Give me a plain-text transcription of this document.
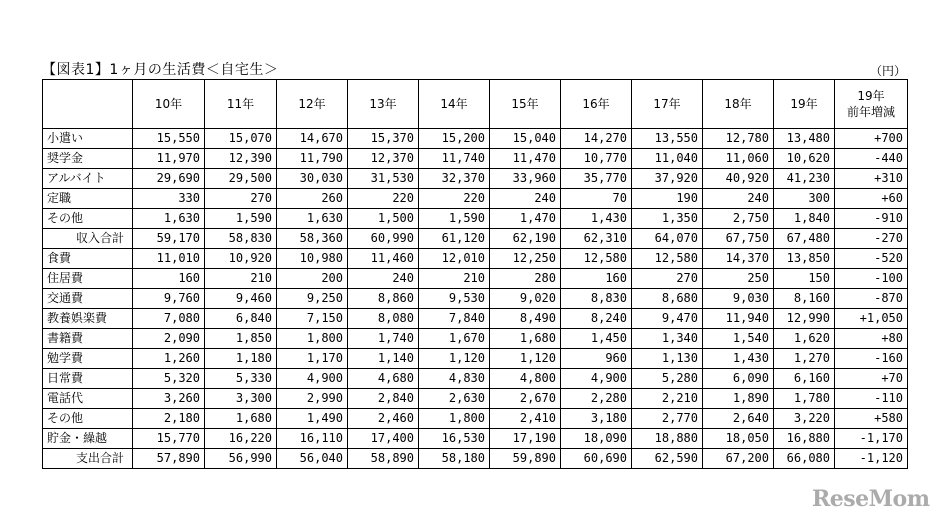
【図表1】1ヶ月の生活費＜自宅生＞	（円）
	10年	11年	12年	13年	14年	15年	16年	17年	18年	19年	19年
前年増減
小遣い	15,550	15,070	14,670	15,370	15,200	15,040	14,270	13,550	12,780	13,480	+700
奨学金	11,970	12,390	11,790	12,370	11,740	11,470	10,770	11,040	11,060	10,620	-440
アルバイト	29,690	29,500	30,030	31,530	32,370	33,960	35,770	37,920	40,920	41,230	+310
定職	330	270	260	220	220	240	70	190	240	300	+60
その他	1,630	1,590	1,630	1,500	1,590	1,470	1,430	1,350	2,750	1,840	-910
収入合計	59,170	58,830	58,360	60,990	61,120	62,190	62,310	64,070	67,750	67,480	-270
食費	11,010	10,920	10,980	11,460	12,010	12,250	12,580	12,580	14,370	13,850	-520
住居費	160	210	200	240	210	280	160	270	250	150	-100
交通費	9,760	9,460	9,250	8,860	9,530	9,020	8,830	8,680	9,030	8,160	-870
教養娯楽費	7,080	6,840	7,150	8,080	7,840	8,490	8,240	9,470	11,940	12,990	+1,050
書籍費	2,090	1,850	1,800	1,740	1,670	1,680	1,450	1,340	1,540	1,620	+80
勉学費	1,260	1,180	1,170	1,140	1,120	1,120	960	1,130	1,430	1,270	-160
日常費	5,320	5,330	4,900	4,680	4,830	4,800	4,900	5,280	6,090	6,160	+70
電話代	3,260	3,300	2,990	2,840	2,630	2,670	2,280	2,210	1,890	1,780	-110
その他	2,180	1,680	1,490	2,460	1,800	2,410	3,180	2,770	2,640	3,220	+580
貯金・繰越	15,770	16,220	16,110	17,400	16,530	17,190	18,090	18,880	18,050	16,880	-1,170
支出合計	57,890	56,990	56,040	58,890	58,180	59,890	60,690	62,590	67,200	66,080	-1,120
ReseMom
